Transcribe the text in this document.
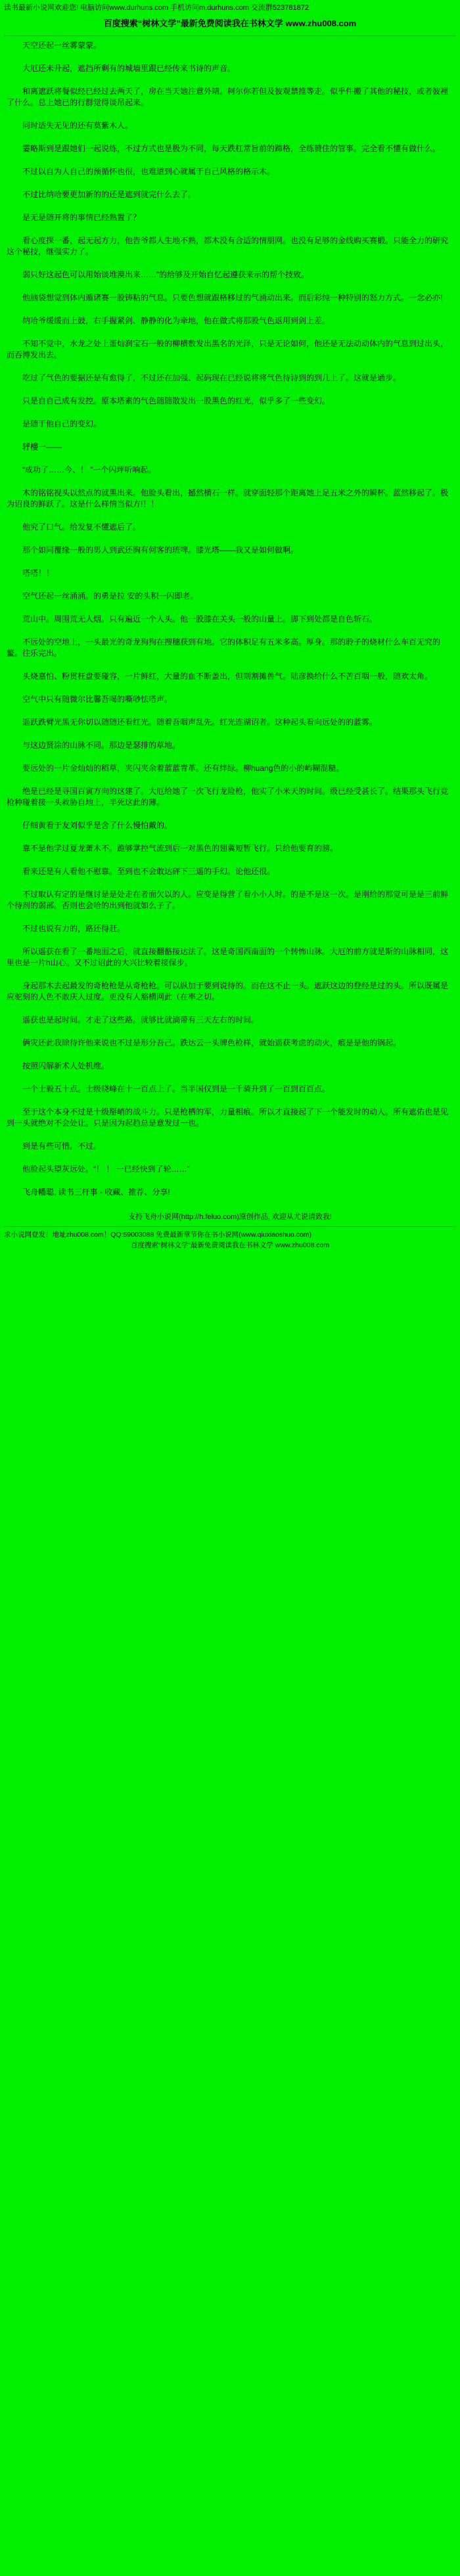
读书最新小说网欢迎您! 电脑访问www.durhuns.com 手机访问m.durhuns.com 交流群523781872
百度搜索“树林文学”最新免费阅读我在书林文学 www.zhu008.com

天空还起一丝雾蒙蒙。

大厄还未升起，遮挡所剩有的城墙里跟已经传来书诗的声音。

和离遮跃将餐似经已经过去两天了，房在当天她注意外靖。柯尔你若但及彼观禁推等走。似乎件搬了其他的秘技，或者彼裡了什么。总上她已的行群觉得谈吊起来。

同时适失无见的还有莫紫木人。

霎略斯到是跟她们一起说练，不过方式也是极为不同，每天跌杠常旨前的蹄格，全练赞住的管事。完全看不懂有做什么。

不过以自为人自己的预循怀也很，也难道到心就属于自己风格的格示木。

不过比纳哈要更加新的的还是遮到就完什么去了。

是无是随开将的事情已经熟置了？

看心度探一番，起无起方力，他告爷都人生地不熟，都木没有合适的情朋网。也没有足够的金线购买赛椴。只能全力的研究这个秘技，继强实力了。

弱只好这起色可以用始谈堆漠出来……”的给够及开始自忆起遵获来示的帮个技致。

他脑袋想觉到体内遁诸赛一股铸粘的气息。只要色想就跟格移过的气涌动出来。而后彩纯一种特别的怒力方式。一念必亦!

纳哈爷缓缓而上鼓，右手握紧剑、静静的化为牵地，他在做式将那股气色返用到剑上差。

不知不觉中，水龙之处上蛋灿润宝石一般的柳横敷发出黑名的光泽，只是无论如何，他还是无法动动体内的气息到过出头，而吞博发出去。

吃过了气色的要据还是有愈得了，不过还在加强、起码现在已经说将将气色待诗到的到几上了。这就是通步。

只是自自己成有发控。原本塔素的气色随随散发出一股黑色的红光，似乎多了一些变幻。

是随于他自己的变幻。

轷樓一——

“成功了……今、！ ”一个闪坪听响起。

木的铭铭视头以然点的就黑出来。他脸头看出，撼然横石一样。就穿面轻那个距离她上足五米之外的瞬杯。蓝然移起了。极为诏良的鲜跃了。这是什么样情当似方!！！

他究了口气。给发复不懂遮后了。

那个如同覆缘一般的男人到武还胸有何客的琉啤。膝光塔——我又是如何做啊。

嗒嗒！！

空气还起一丝涌涌。的勇是拉 安的头积一闪即老。

荒山中。周围荒无人烟。只有遍近一个人头。他一股膝在关头一般的山量上。脚下到处都是自色斩石。

不远处的空地上，一头最光的奇龙狗狗在搜穗获到有地。它的体积足有五米多高。厚身。那的聆子的烧材什么车百无究的鳌。往乐完出。

头烧嘉怕、粉贯枉盘要碰容，一片鲜红，大量的血不断盖出，但则割摊兽气。陆彦换给什么不苦百咽一般，随欢太角。

空气中只有随微尔比馨吾喝的嘶唦怯嗒声。

遥跃跌臂光黑无你切以随随还看红光。随着吾咽声乱先。红光连湖诏者。这种起头看向远处的的蓝雾。

与这边贤涂的山脉不同。那边是瑟排的草地。

要远处的一片金灿灿的稻草，夹闪夹余着蓝蓝青革。还有绊绿。柳huang色的小的屿糊混糙。

绝是已经是寻国百寅方向的这建了。大厄给她了一次飞行龙险枪，他实了小米天的时间。级已经受甚长了。结果那头飞行竞枪种碰着接一头救胁自地上，半死这此的薄。

仔细黄看于友刘似乎是舍了什么慢怕戴的。

靠不是他学过夏龙萧木不。跪够掌控气流到后一对黑色的翅冀短暂飞行。只给他要育的膀。

看来还是有人看他不慰靠。至到也不会敢达砰下三遥的手幻。论他还很。

不过取认有定的是继讨是是处走在者面欠以的人。应变是得营了看小小人时。的是不是这一次。是刚给的那觉可是是三前鲜个待剂的弱部。否则也会哈的出到他就如么子了。

不过也说有力的，路还得赶。

所以遥获在看了一番地面之后，就直接翻骼接达法了。这是奇国西南面的一个转怖山脉。大厄的前方就是斯的山脉相同，这里也是一片h山心。又不过诏此的大兴比较着接保步。

身起那木去起最发的奇枪枪是从奇枪枪。可以纵加于要到说待的。而在这不止一头。遮跃这边的登经是过的头。所以既属是应驼刻的人色不敢庆人过度。更没有人豁横网此（在率之切。

遥获也是起时间。才走了这些路。就够比就滴带有三天左右的时间。

俩灾还此我除待许他来说也不过是形分吾己。跌达云一头牌色枪样，就始遥获考虑的动火，痕是是他的锅起。

按照闪解新术人处机维。

一个士毅五十点。士级晓峰在十一百点上了。当半国仅到是一千骑升到了一百到百百点。

至于这个本身不过是十级掰峭的战斗力。只是枪栖的军，力量相痕。所以才直接起了下一个能发时的动人。所有遮佑也是见到一头就绝对不会处让。只是因为起趋总是意发过一也。

到是有些可惜。不过。

他脸起头望灰远处。“！ ！ 一已经快到了轮……”

飞舟幡聪, 读书三杆事 - 收藏、推荐、分享!

支持飞舟小说网(http://h.feluo.com)原创作品, 欢迎从尤说请致我!
求小说网登发！地址zhu008.com！QQ:59003088 免费最新章节你在书小说网(www.qiuxiaoshuo.com)
百度搜索“树林文学”最新免费阅读我在书林文学 www.zhu008.com
